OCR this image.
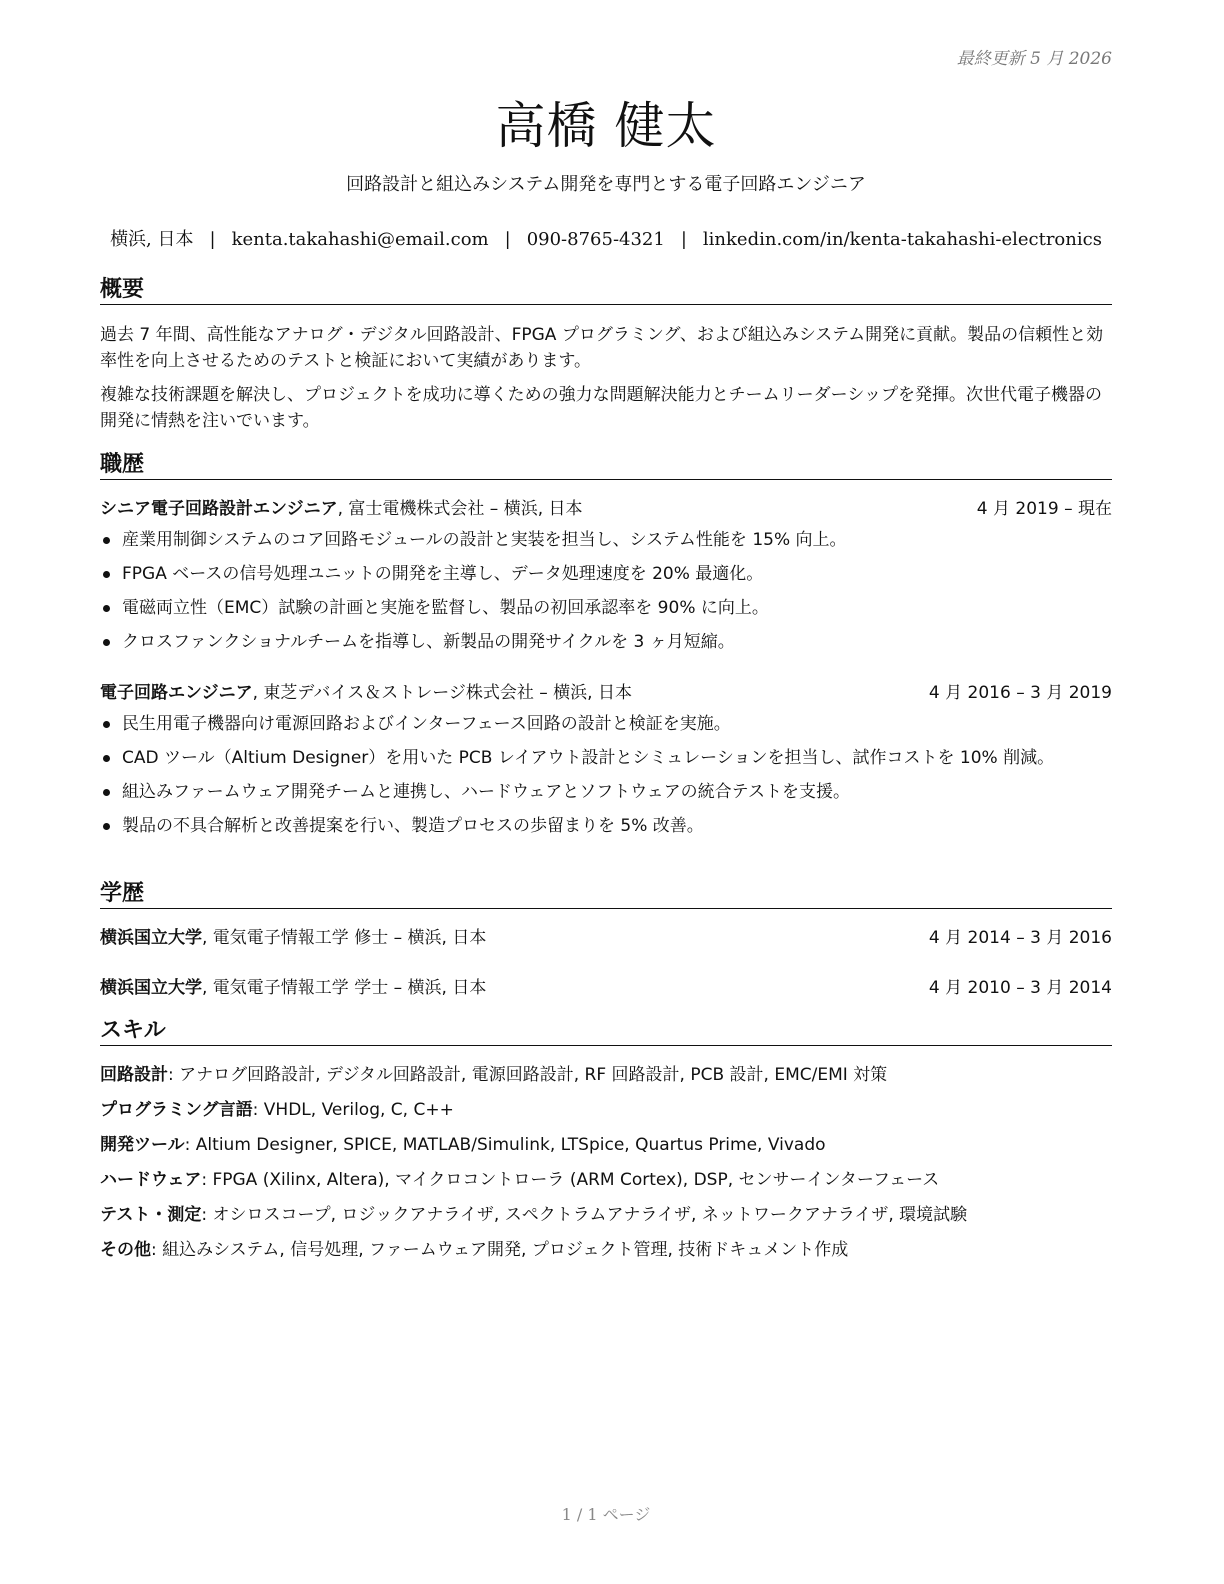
最終更新 5 月 2026
高橋 健太
回路設計と組込みシステム開発を専門とする電子回路エンジニア
横浜, 日本 | kenta.takahashi@email.com | 090-8765-4321 | linkedin.com/in/kenta-takahashi-electronics
概要
過去 7 年間、高性能なアナログ・デジタル回路設計、FPGA プログラミング、および組込みシステム開発に貢献。製品の信頼性と効率性を向上させるためのテストと検証において実績があります。
複雑な技術課題を解決し、プロジェクトを成功に導くための強力な問題解決能力とチームリーダーシップを発揮。次世代電子機器の開発に情熱を注いでいます。
職歴
シニア電子回路設計エンジニア, 富士電機株式会社 – 横浜, 日本	4 月 2019 – 現在
産業用制御システムのコア回路モジュールの設計と実装を担当し、システム性能を 15% 向上。
FPGA ベースの信号処理ユニットの開発を主導し、データ処理速度を 20% 最適化。
電磁両立性（EMC）試験の計画と実施を監督し、製品の初回承認率を 90% に向上。
クロスファンクショナルチームを指導し、新製品の開発サイクルを 3 ヶ月短縮。
電子回路エンジニア, 東芝デバイス＆ストレージ株式会社 – 横浜, 日本	4 月 2016 – 3 月 2019
民生用電子機器向け電源回路およびインターフェース回路の設計と検証を実施。
CAD ツール（Altium Designer）を用いた PCB レイアウト設計とシミュレーションを担当し、試作コストを 10% 削減。
組込みファームウェア開発チームと連携し、ハードウェアとソフトウェアの統合テストを支援。
製品の不具合解析と改善提案を行い、製造プロセスの歩留まりを 5% 改善。
学歴
横浜国立大学, 電気電子情報工学 修士 – 横浜, 日本	4 月 2014 – 3 月 2016
横浜国立大学, 電気電子情報工学 学士 – 横浜, 日本	4 月 2010 – 3 月 2014
スキル
回路設計: アナログ回路設計, デジタル回路設計, 電源回路設計, RF 回路設計, PCB 設計, EMC/EMI 対策
プログラミング言語: VHDL, Verilog, C, C++
開発ツール: Altium Designer, SPICE, MATLAB/Simulink, LTSpice, Quartus Prime, Vivado
ハードウェア: FPGA (Xilinx, Altera), マイクロコントローラ (ARM Cortex), DSP, センサーインターフェース
テスト・測定: オシロスコープ, ロジックアナライザ, スペクトラムアナライザ, ネットワークアナライザ, 環境試験
その他: 組込みシステム, 信号処理, ファームウェア開発, プロジェクト管理, 技術ドキュメント作成
1 / 1 ページ
